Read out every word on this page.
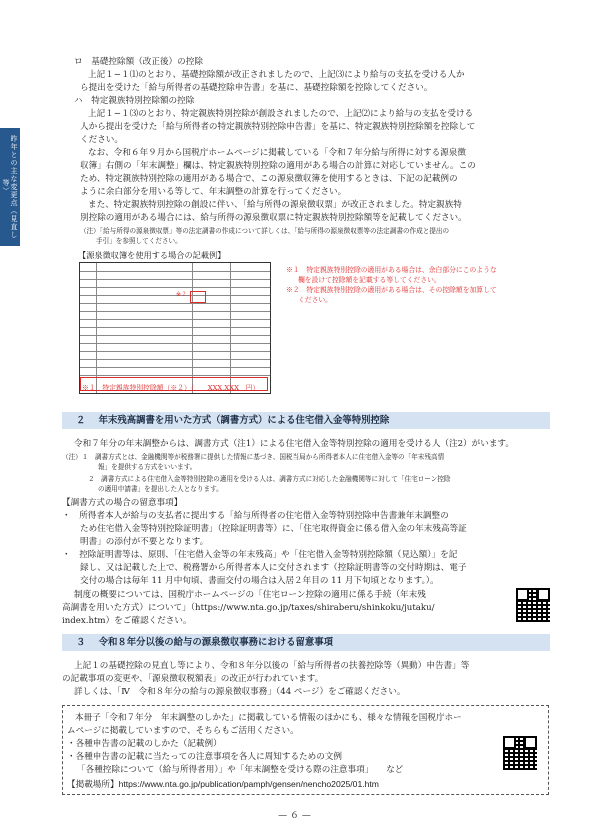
昨年との主な変更点（見直し等）
ロ　基礎控除額（改正後）の控除
上記１−１⑴のとおり、基礎控除額が改正されましたので、上記⑶により給与の支払を受ける人か
ら提出を受けた「給与所得者の基礎控除申告書」を基に、基礎控除額を控除してください。
ハ　特定親族特別控除額の控除
上記１−１⑶のとおり、特定親族特別控除が創設されましたので、上記⑵により給与の支払を受ける
人から提出を受けた「給与所得者の特定親族特別控除申告書」を基に、特定親族特別控除額を控除して
ください。
なお、令和６年９月から国税庁ホームページに掲載している「令和７年分給与所得に対する源泉徴
収簿」右側の「年末調整」欄は、特定親族特別控除の適用がある場合の計算に対応していません。この
ため、特定親族特別控除の適用がある場合で、この源泉徴収簿を使用するときは、下記の記載例の
ように余白部分を用いる等して、年末調整の計算を行ってください。
また、特定親族特別控除の創設に伴い、「給与所得の源泉徴収票」が改正されました。特定親族特
別控除の適用がある場合には、給与所得の源泉徴収票に特定親族特別控除額等を記載してください。
（注）「給与所得の源泉徴収票」等の法定調書の作成について詳しくは、「給与所得の源泉徴収票等の法定調書の作成と提出の
手引」を参照してください。
【源泉徴収簿を使用する場合の記載例】
※２
※１　特定親族特別控除額（※２）（　　XXX,XXX　円）
※１　特定親族特別控除の適用がある場合は、余白部分にこのような
欄を設けて控除額を記載する等してください。
※２　特定親族特別控除の適用がある場合は、その控除額を加算して
ください。
２ 年末残高調書を用いた方式（調書方式）による住宅借入金等特別控除
令和７年分の年末調整からは、調書方式（注1）による住宅借入金等特別控除の適用を受ける人（注2）がいます。
（注）１　調書方式とは、金融機関等が税務署に提供した情報に基づき、国税当局から所得者本人に住宅借入金等の「年末残高情
報」を提供する方式をいいます。
２　調書方式による住宅借入金等特別控除の適用を受ける人は、調書方式に対応した金融機関等に対して「住宅ローン控除
の適用申請書」を提出した人となります。
【調書方式の場合の留意事項】
・　所得者本人が給与の支払者に提出する「給与所得者の住宅借入金等特別控除申告書兼年末調整の
ため住宅借入金等特別控除証明書」（控除証明書等）に、「住宅取得資金に係る借入金の年末残高等証
明書」の添付が不要となります。
・　控除証明書等は、原則、「住宅借入金等の年末残高」や「住宅借入金等特別控除額（見込額）」を記
録し、又は記載した上で、税務署から所得者本人に交付されます（控除証明書等の交付時期は、電子
交付の場合は毎年 11 月中旬頃、書面交付の場合は入居２年目の 11 月下旬頃となります。）。
制度の概要については、国税庁ホームページの「住宅ローン控除の適用に係る手続（年末残
高調書を用いた方式）について」（https://www.nta.go.jp/taxes/shiraberu/shinkoku/jutaku/
index.htm）をご確認ください。
３ 令和８年分以後の給与の源泉徴収事務における留意事項
上記１の基礎控除の見直し等により、令和８年分以後の「給与所得者の扶養控除等（異動）申告書」等
の記載事項の変更や、「源泉徴収税額表」の改正が行われています。
詳しくは、「Ⅳ　令和８年分の給与の源泉徴収事務」（44 ページ）をご確認ください。
本冊子「令和７年分　年末調整のしかた」に掲載している情報のほかにも、様々な情報を国税庁ホー
ムページに掲載していますので、そちらもご活用ください。
・各種申告書の記載のしかた（記載例）
・各種申告書の記載に当たっての注意事項を各人に周知するための文例
「各種控除について（給与所得者用）」や「年末調整を受ける際の注意事項」　　など
【掲載場所】https://www.nta.go.jp/publication/pamph/gensen/nencho2025/01.htm
— ６ —
